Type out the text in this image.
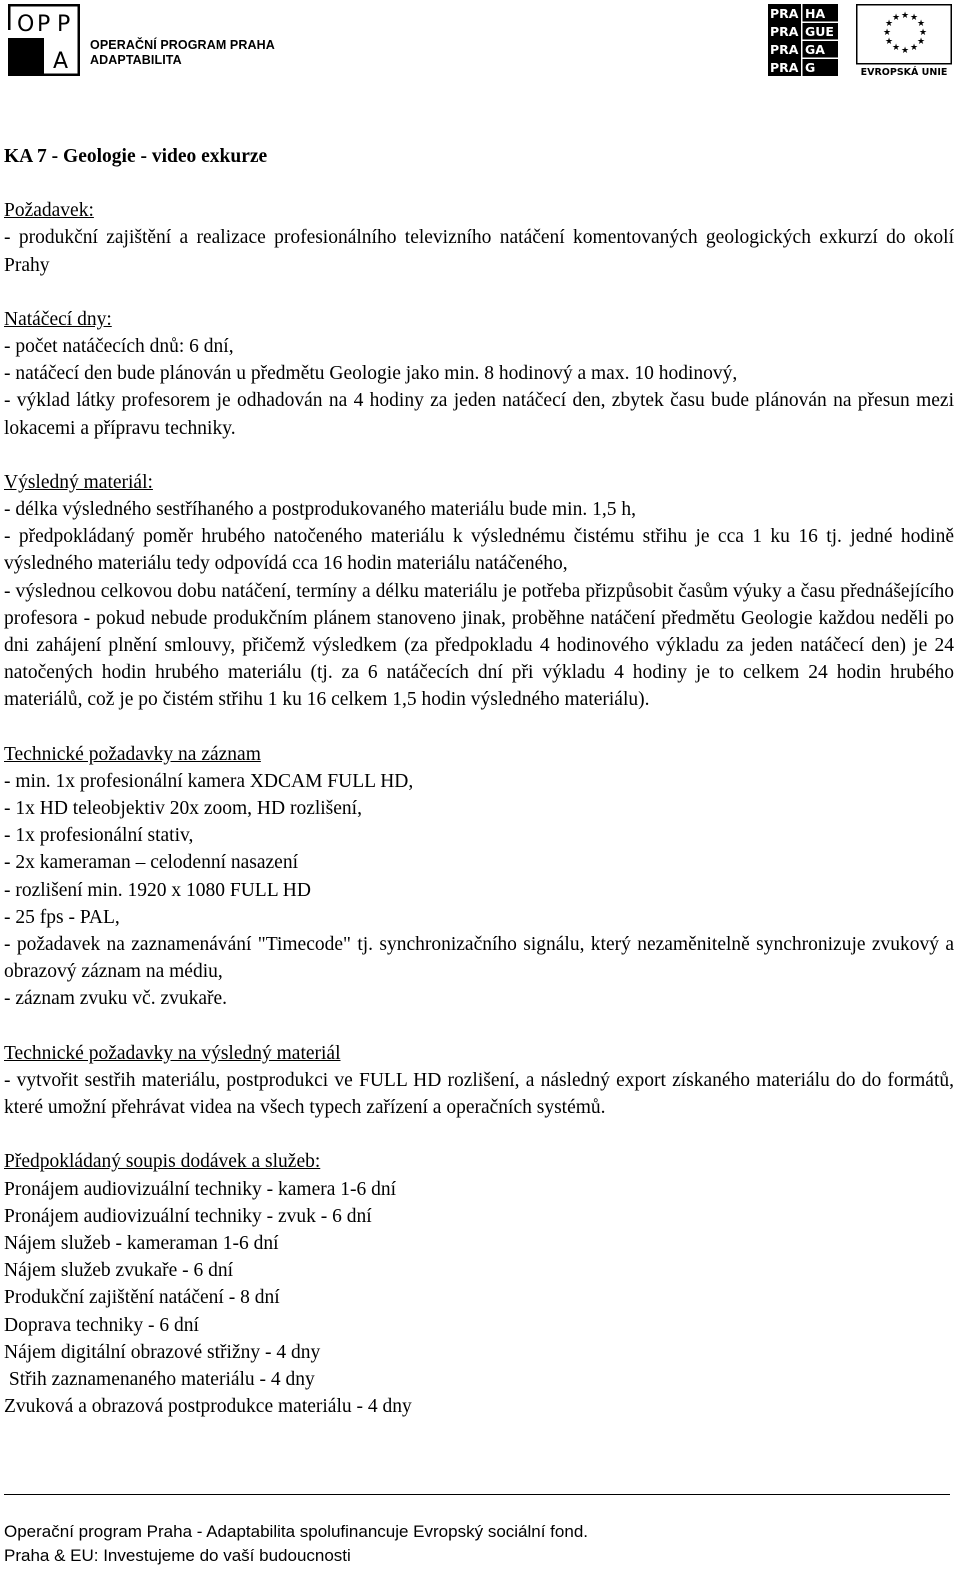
O P P
A
OPERAČNÍ PROGRAM PRAHA
ADAPTABILITA
PRA HA
PRA GUE
PRA GA
PRA G
★ ★
★
★
★
★
★
★
★
★
★
★
EVROPSKÁ UNIE

KA 7 - Geologie - video exkurze

Požadavek:

- produkční zajištění a realizace profesionálního televizního natáčení komentovaných geologických exkurzí do okolí Prahy

Natáčecí dny:

- počet natáčecích dnů: 6 dní,

- natáčecí den bude plánován u předmětu Geologie jako min. 8 hodinový a max. 10 hodinový,

- výklad látky profesorem je odhadován na 4 hodiny za jeden natáčecí den, zbytek času bude plánován na přesun mezi lokacemi a přípravu techniky.

Výsledný materiál:

- délka výsledného sestříhaného a postprodukovaného materiálu bude min. 1,5 h,

- předpokládaný poměr hrubého natočeného materiálu k výslednému čistému střihu je cca 1 ku 16 tj. jedné hodině výsledného materiálu tedy odpovídá cca 16 hodin materiálu natáčeného,

- výslednou celkovou dobu natáčení, termíny a délku materiálu je potřeba přizpůsobit časům výuky a času přednášejícího profesora - pokud nebude produkčním plánem stanoveno jinak, proběhne natáčení předmětu Geologie každou neděli po dni zahájení plnění smlouvy, přičemž výsledkem (za předpokladu 4 hodinového výkladu za jeden natáčecí den) je 24 natočených hodin hrubého materiálu (tj. za 6 natáčecích dní při výkladu 4 hodiny je to celkem 24 hodin hrubého materiálů, což je po čistém střihu 1 ku 16 celkem 1,5 hodin výsledného materiálu).

Technické požadavky na záznam

- min. 1x profesionální kamera XDCAM FULL HD,

- 1x HD teleobjektiv 20x zoom, HD rozlišení,

- 1x profesionální stativ,

- 2x kameraman – celodenní nasazení

- rozlišení min. 1920 x 1080 FULL HD

- 25 fps - PAL,

- požadavek na zaznamenávání "Timecode" tj. synchronizačního signálu, který nezaměnitelně synchronizuje zvukový a obrazový záznam na médiu,

- záznam zvuku vč. zvukaře.

Technické požadavky na výsledný materiál

- vytvořit sestřih materiálu, postprodukci ve FULL HD rozlišení, a následný export získaného materiálu do do formátů, které umožní přehrávat videa na všech typech zařízení a operačních systémů.

Předpokládaný soupis dodávek a služeb:

Pronájem audiovizuální techniky - kamera 1-6 dní

Pronájem audiovizuální techniky - zvuk - 6 dní

Nájem služeb - kameraman 1-6 dní

Nájem služeb zvukaře - 6 dní

Produkční zajištění natáčení - 8 dní

Doprava techniky - 6 dní

Nájem digitální obrazové střižny - 4 dny

Střih zaznamenaného materiálu - 4 dny

Zvuková a obrazová postprodukce materiálu - 4 dny

Operační program Praha - Adaptabilita spolufinancuje Evropský sociální fond.

Praha & EU: Investujeme do vaší budoucnosti
